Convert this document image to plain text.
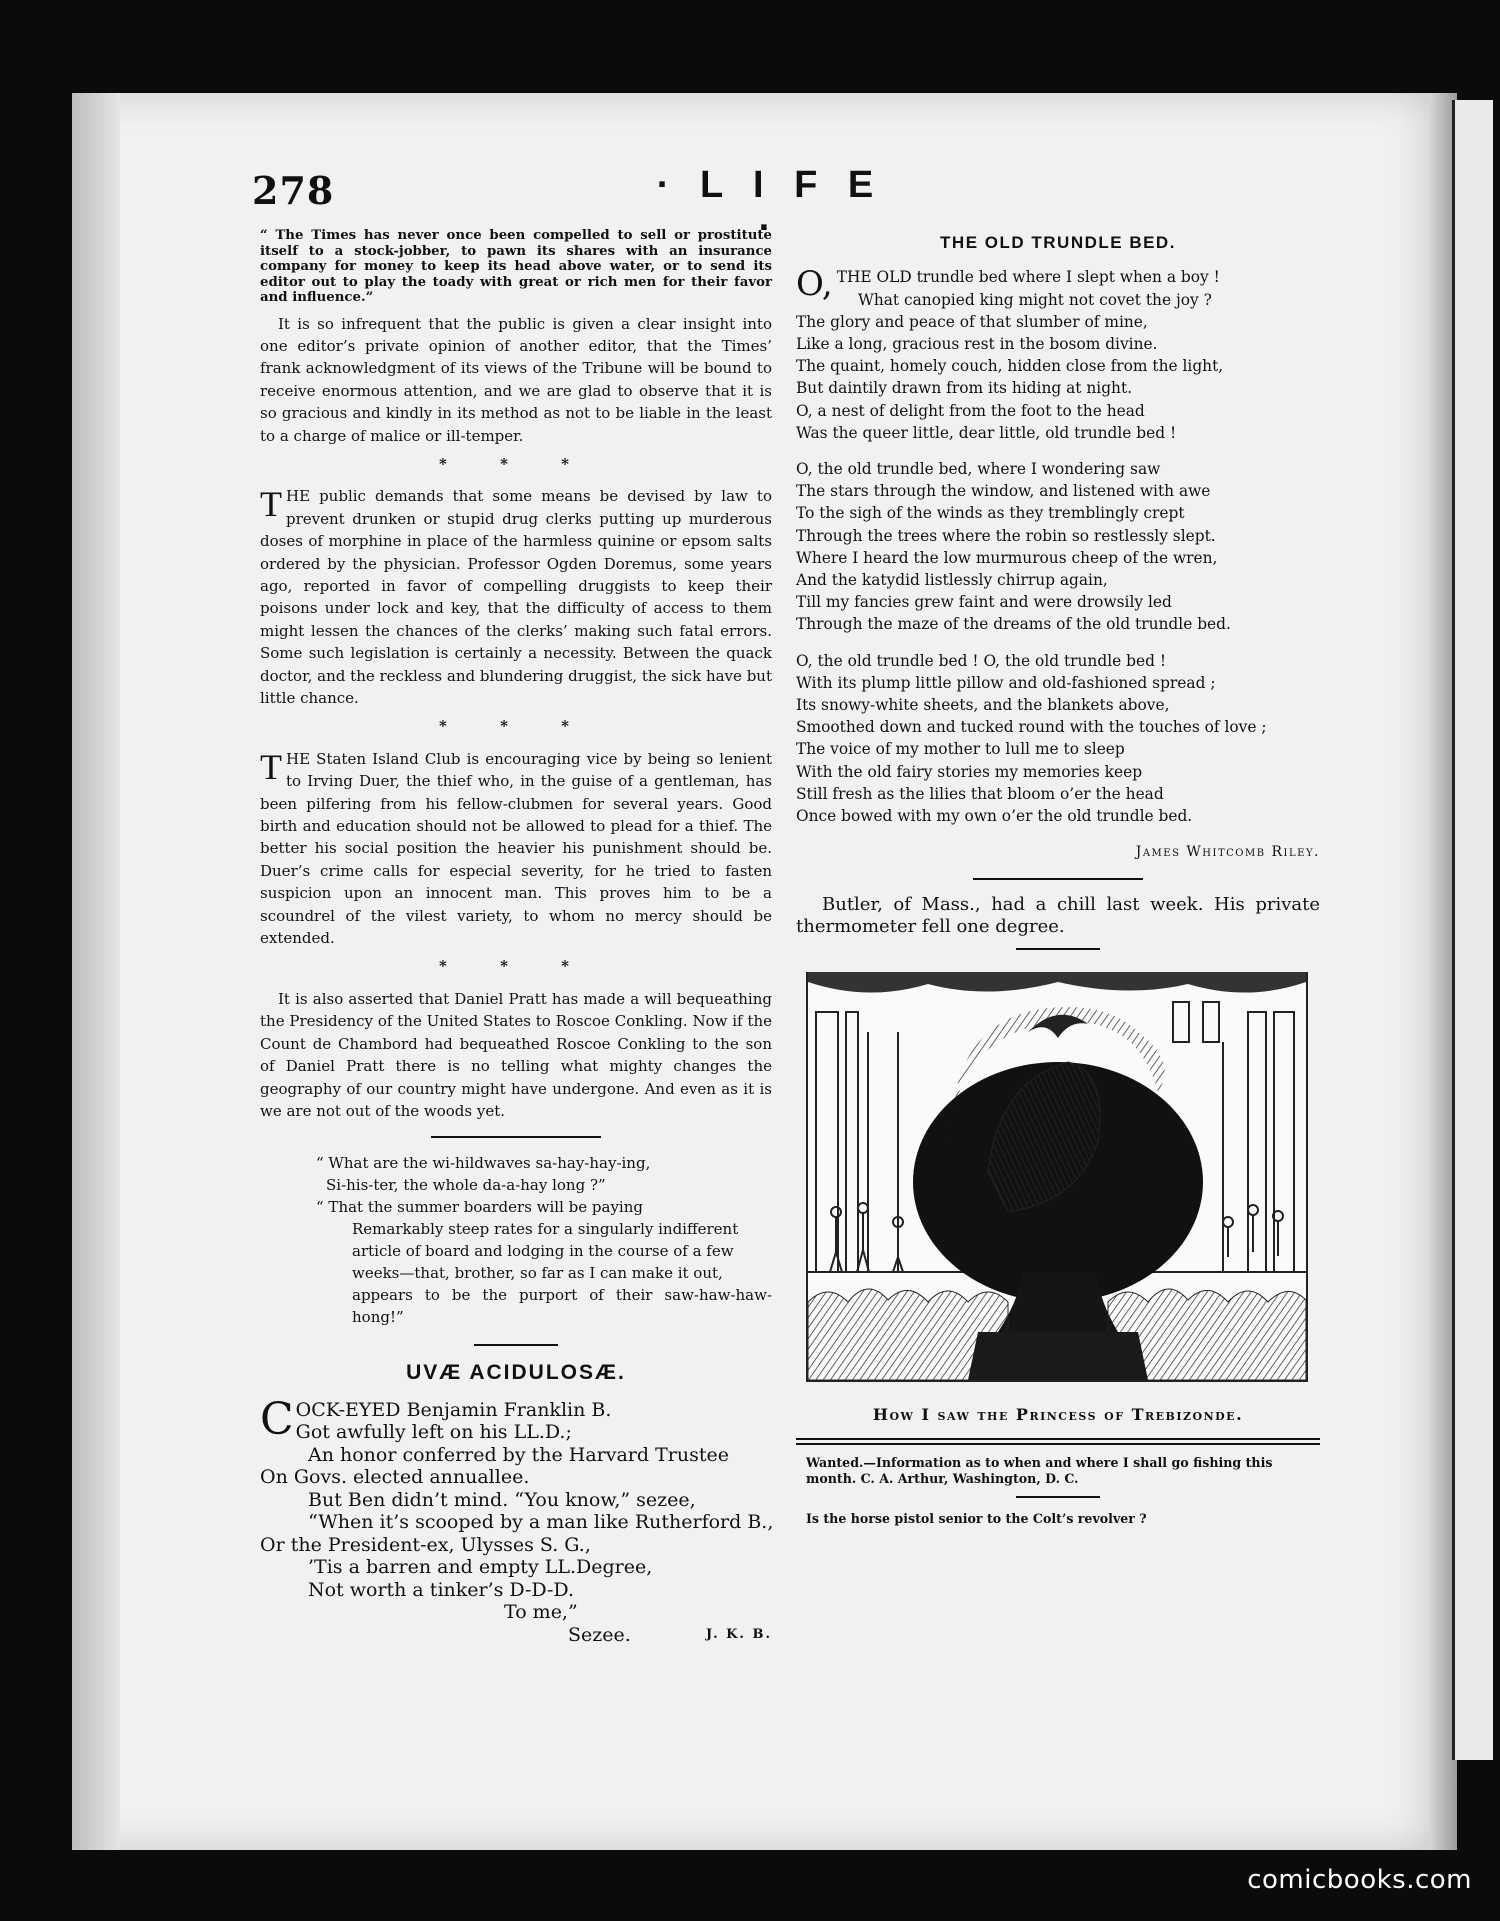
278	· L I F E ·
“ The Times has never once been compelled to sell or prostitute itself to a stock-jobber, to pawn its shares with an insurance company for money to keep its head above water, or to send its editor out to play the toady with great or rich men for their favor and influence.”

It is so infrequent that the public is given a clear insight into one editor’s private opinion of another editor, that the Times’ frank acknowledgment of its views of the Tribune will be bound to receive enormous attention, and we are glad to observe that it is so gracious and kindly in its method as not to be liable in the least to a charge of malice or ill-temper.

* * *

T HE public demands that some means be devised by law to prevent drunken or stupid drug clerks putting up murderous doses of morphine in place of the harmless quinine or epsom salts ordered by the physician. Professor Ogden Doremus, some years ago, reported in favor of compelling druggists to keep their poisons under lock and key, that the difficulty of access to them might lessen the chances of the clerks’ making such fatal errors. Some such legislation is certainly a necessity. Between the quack doctor, and the reckless and blundering druggist, the sick have but little chance.

* * *

T HE Staten Island Club is encouraging vice by being so lenient to Irving Duer, the thief who, in the guise of a gentleman, has been pilfering from his fellow-clubmen for several years. Good birth and education should not be allowed to plead for a thief. The better his social position the heavier his punishment should be. Duer’s crime calls for especial severity, for he tried to fasten suspicion upon an innocent man. This proves him to be a scoundrel of the vilest variety, to whom no mercy should be extended.

* * *

It is also asserted that Daniel Pratt has made a will bequeathing the Presidency of the United States to Roscoe Conkling. Now if the Count de Chambord had bequeathed Roscoe Conkling to the son of Daniel Pratt there is no telling what mighty changes the geography of our country might have undergone. And even as it is we are not out of the woods yet.

“ What are the wi-hildwaves sa-hay-hay-ing,
Si-his-ter, the whole da-a-hay long ?”
“ That the summer boarders will be paying
Remarkably steep rates for a singularly indifferent
article of board and lodging in the course of a few
weeks—that, brother, so far as I can make it out,
appears to be the purport of their saw-haw-haw-hong!”
UVÆ ACIDULOSÆ.
C OCK-EYED Benjamin Franklin B.
Got awfully left on his LL.D.;
An honor conferred by the Harvard Trustee
On Govs. elected annuallee.
But Ben didn’t mind. “You know,” sezee,
“When it’s scooped by a man like Rutherford B.,
Or the President-ex, Ulysses S. G.,
’Tis a barren and empty LL.Degree,
Not worth a tinker’s D-D-D.
To me,”
Sezee.	J. K. B.
THE OLD TRUNDLE BED.
O, THE OLD trundle bed where I slept when a boy !
What canopied king might not covet the joy ?
The glory and peace of that slumber of mine,
Like a long, gracious rest in the bosom divine.
The quaint, homely couch, hidden close from the light,
But daintily drawn from its hiding at night.
O, a nest of delight from the foot to the head
Was the queer little, dear little, old trundle bed !
O, the old trundle bed, where I wondering saw
The stars through the window, and listened with awe
To the sigh of the winds as they tremblingly crept
Through the trees where the robin so restlessly slept.
Where I heard the low murmurous cheep of the wren,
And the katydid listlessly chirrup again,
Till my fancies grew faint and were drowsily led
Through the maze of the dreams of the old trundle bed.
O, the old trundle bed ! O, the old trundle bed !
With its plump little pillow and old-fashioned spread ;
Its snowy-white sheets, and the blankets above,
Smoothed down and tucked round with the touches of love ;
The voice of my mother to lull me to sleep
With the old fairy stories my memories keep
Still fresh as the lilies that bloom o’er the head
Once bowed with my own o’er the old trundle bed.
James Whitcomb Riley.
Butler, of Mass., had a chill last week. His private thermometer fell one degree.
How I saw the Princess of Trebizonde.
Wanted.—Information as to when and where I shall go fishing this month. C. A. Arthur, Washington, D. C.
Is the horse pistol senior to the Colt’s revolver ?
comicbooks.com
